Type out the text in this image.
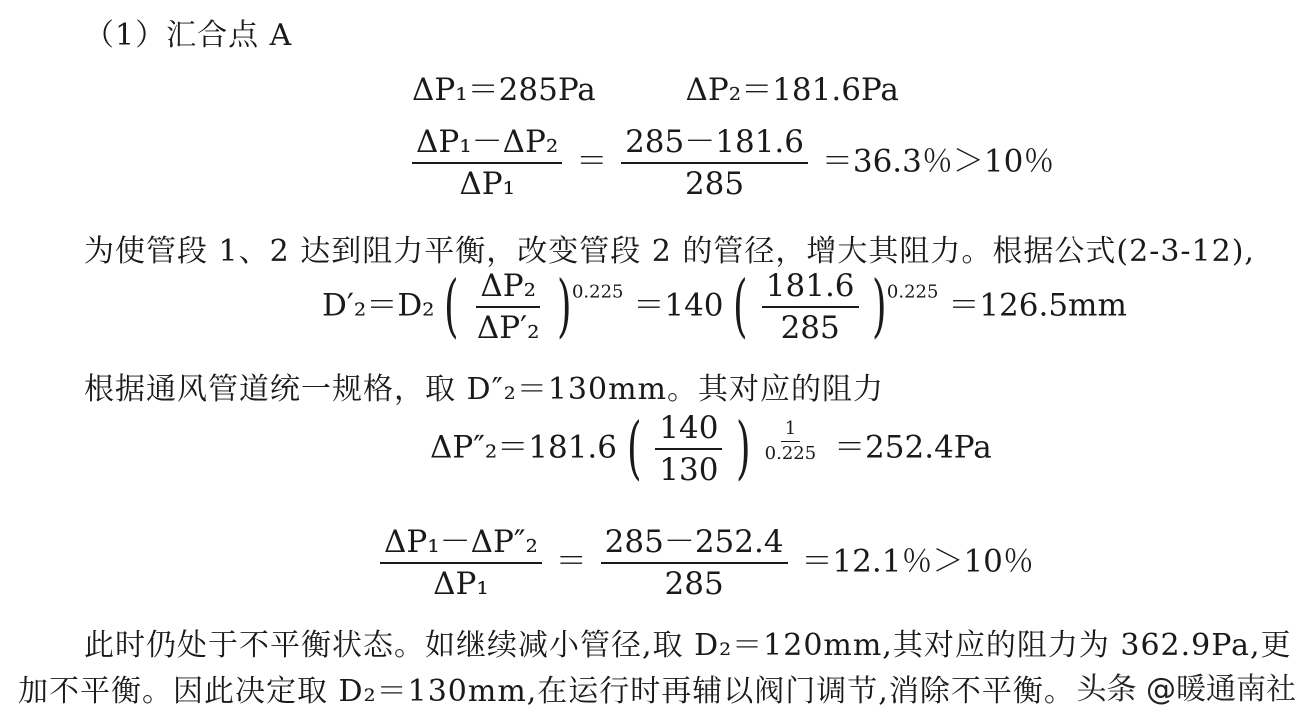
（1）汇合点 A
ΔP₁＝285Pa	ΔP₂＝181.6Pa
$\frac{\text{ΔP₁－ΔP₂}}{\text{ΔP₁}} = \frac{285-181.6}{285} =36.3$％＞10％
为使管段 1、2 达到阻力平衡，改变管段 2 的管径，增大其阻力。根据公式(2-3-12),
D′₂＝D₂ ( $\frac{\text{ΔP₂}}{\text{ΔP′₂}} )^{0.225} =140$ ( $\frac{181.6}{285} )^{0.225} =126.5mm$
根据通风管道统一规格，取 D″₂＝130mm。其对应的阻力
ΔP″₂＝181.6 ( $\frac{140}{130}$ ) $\frac{1}{0.225} =252.4Pa$
$\frac{\text{ΔP₁－ΔP″₂}}{\text{ΔP₁}} = \frac{285-252.4}{285} =12.1$％＞10％
此时仍处于不平衡状态。如继续减小管径,取 D₂＝120mm,其对应的阻力为 362.9Pa,更
加不平衡。因此决定取 D₂＝130mm,在运行时再辅以阀门调节,消除不平衡。 头条 @暖通南社
